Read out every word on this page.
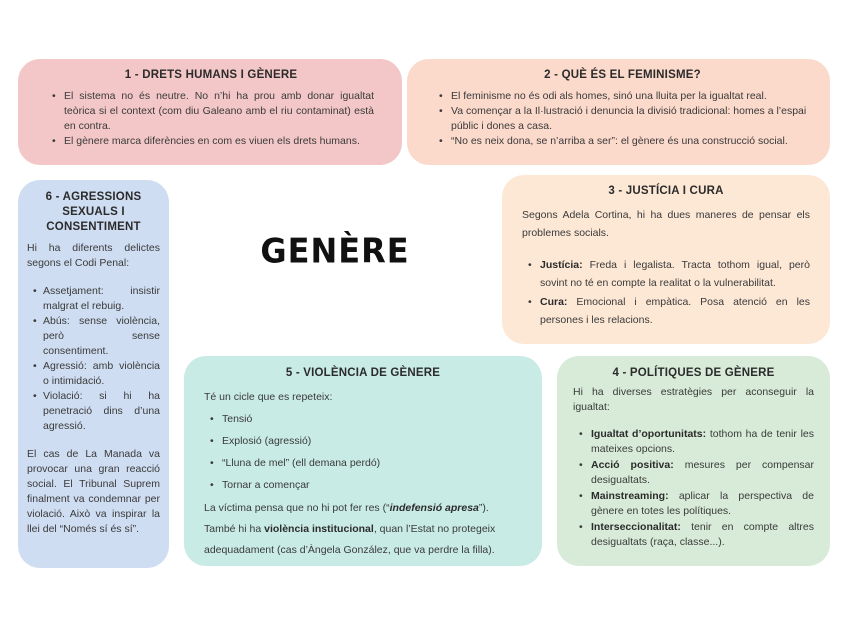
GENÈRE
1 - DRETS HUMANS I GÈNERE
• El sistema no és neutre. No n’hi ha prou amb donar igualtat teòrica si el context (com diu Galeano amb el riu contaminat) està en contra.
• El gènere marca diferències en com es viuen els drets humans.
2 - QUÈ ÉS EL FEMINISME?
• El feminisme no és odi als homes, sinó una lluita per la igualtat real.
• Va començar a la Il·lustració i denuncia la divisió tradicional: homes a l’espai públic i dones a casa.
• “No es neix dona, se n’arriba a ser”: el gènere és una construcció social.
3 - JUSTÍCIA I CURA
Segons Adela Cortina, hi ha dues maneres de pensar els problemes socials.
• Justícia: Freda i legalista. Tracta tothom igual, però sovint no té en compte la realitat o la vulnerabilitat.
• Cura: Emocional i empàtica. Posa atenció en les persones i les relacions.
4 - POLÍTIQUES DE GÈNERE
Hi ha diverses estratègies per aconseguir la igualtat:
• Igualtat d’oportunitats: tothom ha de tenir les mateixes opcions.
• Acció positiva: mesures per compensar desigualtats.
• Mainstreaming: aplicar la perspectiva de gènere en totes les polítiques.
• Interseccionalitat: tenir en compte altres desigualtats (raça, classe...).
5 - VIOLÈNCIA DE GÈNERE
Té un cicle que es repeteix:
• Tensió
• Explosió (agressió)
• “Lluna de mel” (ell demana perdó)
• Tornar a començar
La víctima pensa que no hi pot fer res (“indefensió apresa”).
També hi ha violència institucional, quan l’Estat no protegeix adequadament (cas d’Àngela González, que va perdre la filla).
6 - AGRESSIONS SEXUALS I CONSENTIMENT
Hi ha diferents delictes segons el Codi Penal:
• Assetjament: insistir malgrat el rebuig.
• Abús: sense violència, però sense consentiment.
• Agressió: amb violència o intimidació.
• Violació: si hi ha penetració dins d’una agressió.
El cas de La Manada va provocar una gran reacció social. El Tribunal Suprem finalment va condemnar per violació. Això va inspirar la llei del “Només sí és sí”.
